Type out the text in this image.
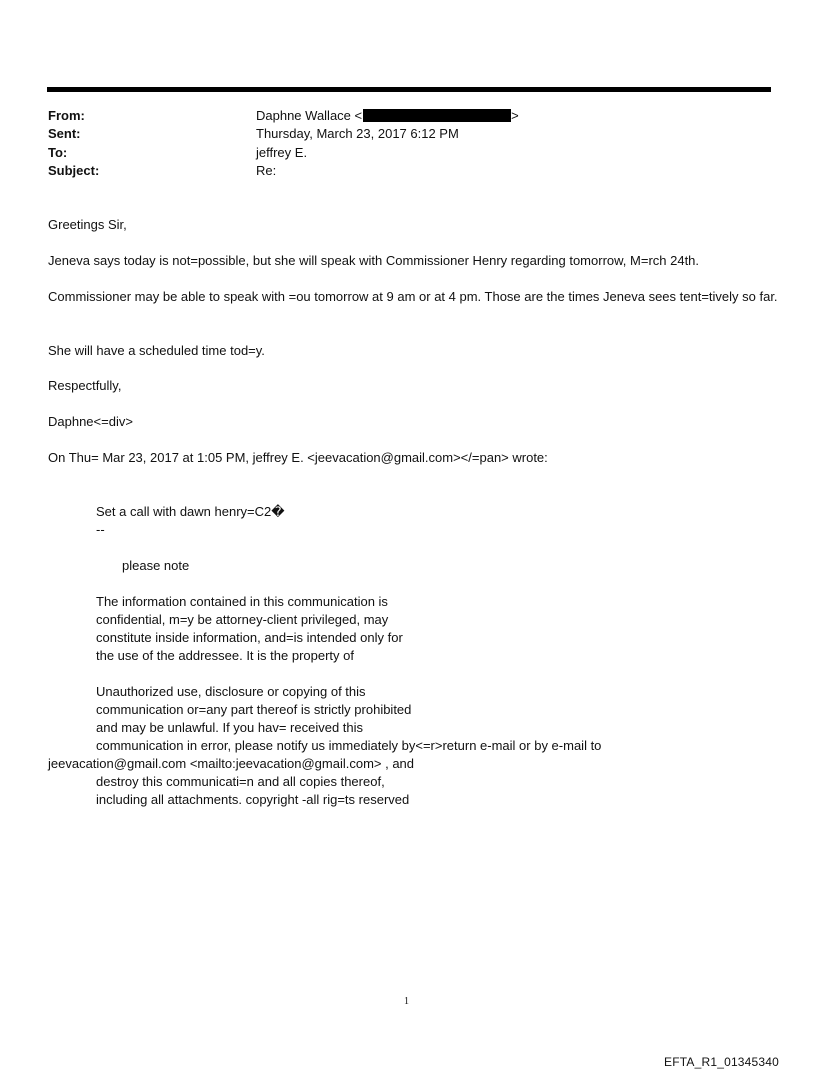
From:	Daphne Wallace <	>
Sent:	Thursday, March 23, 2017 6:12 PM
To:	jeffrey E.
Subject:	Re:
Greetings Sir,
Jeneva says today is not=possible, but she will speak with Commissioner Henry regarding tomorrow, M=rch 24th.
Commissioner may be able to speak with =ou tomorrow at 9 am or at 4 pm. Those are the times Jeneva sees tent=tively so far.
She will have a scheduled time tod=y.
Respectfully,
Daphne<=div>
On Thu= Mar 23, 2017 at 1:05 PM, jeffrey E. <jeevacation@gmail.com></=pan> wrote:
Set a call with dawn henry=C2�
--
please note
The information contained in this communication is
confidential, m=y be attorney-client privileged, may
constitute inside information, and=is intended only for
the use of the addressee. It is the property of
Unauthorized use, disclosure or copying of this
communication or=any part thereof is strictly prohibited
and may be unlawful. If you hav= received this
communication in error, please notify us immediately by<=r>return e-mail or by e-mail to
jeevacation@gmail.com <mailto:jeevacation@gmail.com> , and
destroy this communicati=n and all copies thereof,
including all attachments. copyright -all rig=ts reserved
1
EFTA_R1_01345340
